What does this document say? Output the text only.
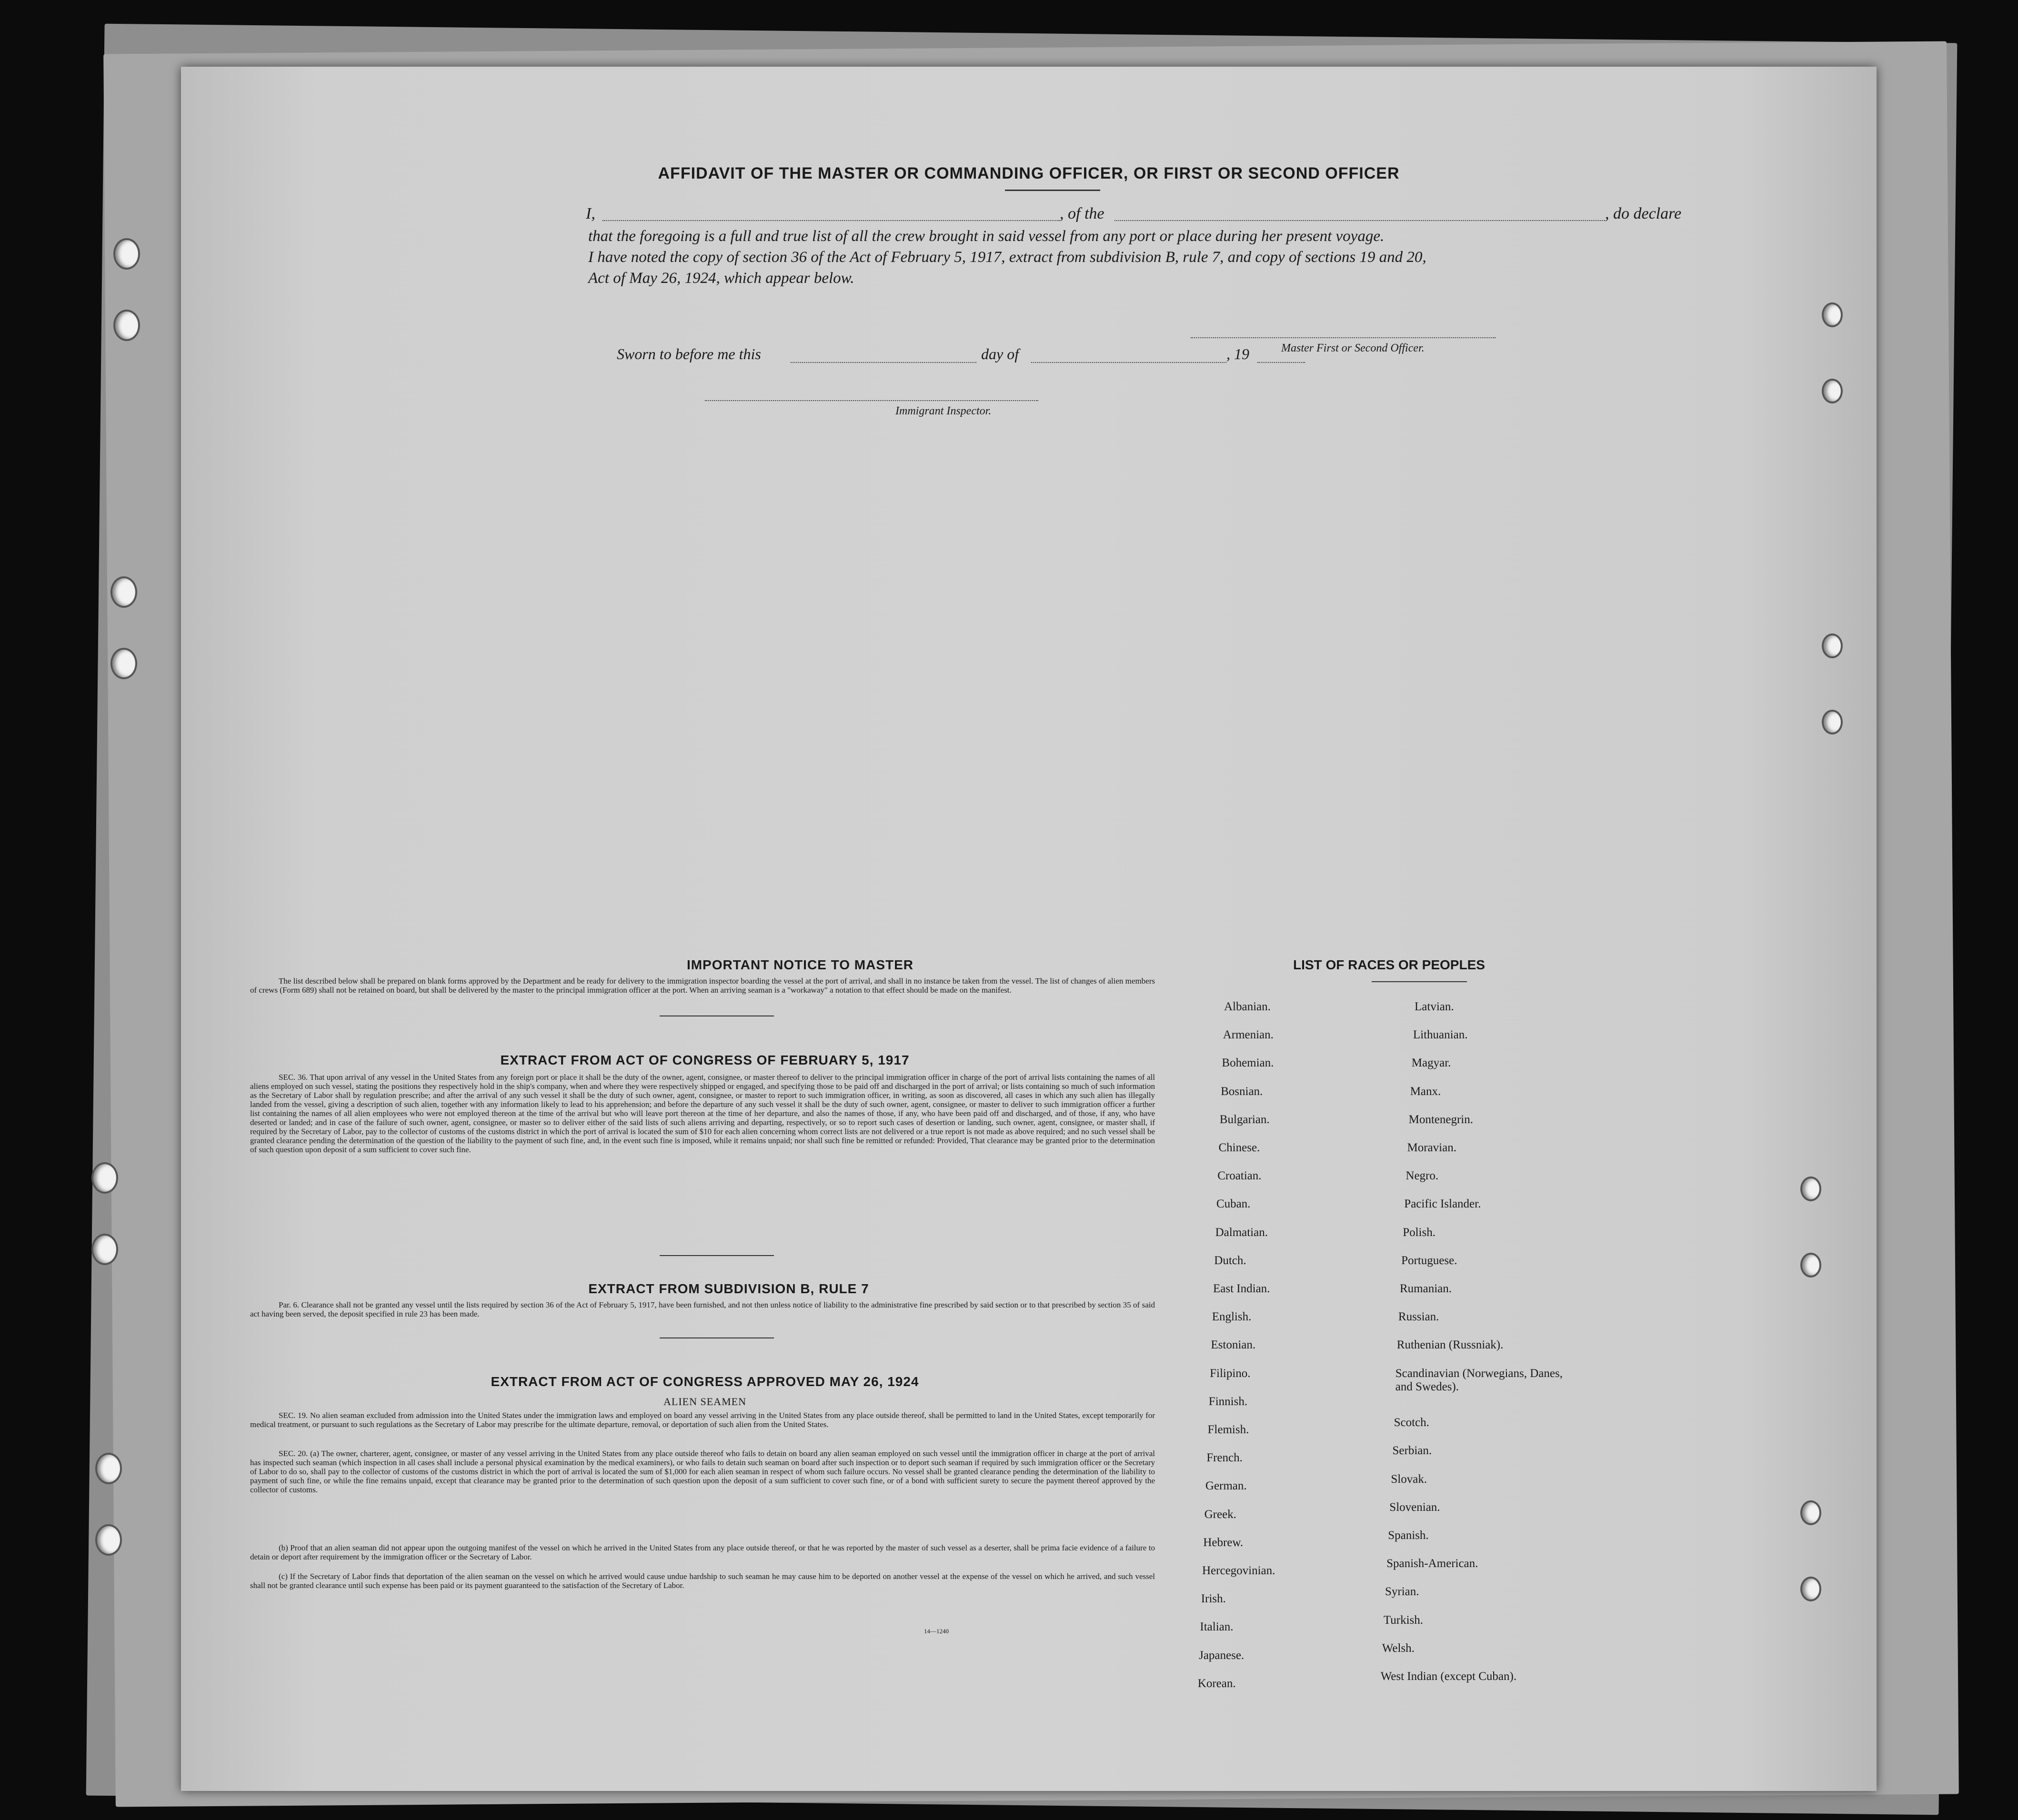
AFFIDAVIT OF THE MASTER OR COMMANDING OFFICER, OR FIRST OR SECOND OFFICER
I,	, of the	, do declare
that the foregoing is a full and true list of all the crew brought in said vessel from any port or place during her present voyage.
I have noted the copy of section 36 of the Act of February 5, 1917, extract from subdivision B, rule 7, and copy of sections 19 and 20,
Act of May 26, 1924, which appear below.
Master First or Second Officer.
Sworn to before me this	day of	, 19
Immigrant Inspector.
IMPORTANT NOTICE TO MASTER
The list described below shall be prepared on blank forms approved by the Department and be ready for delivery to the immigration inspector boarding the vessel at the port of arrival, and shall in no instance be taken from the vessel. The list of changes of alien members of crews (Form 689) shall not be retained on board, but shall be delivered by the master to the principal immigration officer at the port. When an arriving seaman is a "workaway" a notation to that effect should be made on the manifest.
EXTRACT FROM ACT OF CONGRESS OF FEBRUARY 5, 1917
SEC. 36. That upon arrival of any vessel in the United States from any foreign port or place it shall be the duty of the owner, agent, consignee, or master thereof to deliver to the principal immigration officer in charge of the port of arrival lists containing the names of all aliens employed on such vessel, stating the positions they respectively hold in the ship's company, when and where they were respectively shipped or engaged, and specifying those to be paid off and discharged in the port of arrival; or lists containing so much of such information as the Secretary of Labor shall by regulation prescribe; and after the arrival of any such vessel it shall be the duty of such owner, agent, consignee, or master to report to such immigration officer, in writing, as soon as discovered, all cases in which any such alien has illegally landed from the vessel, giving a description of such alien, together with any information likely to lead to his apprehension; and before the departure of any such vessel it shall be the duty of such owner, agent, consignee, or master to deliver to such immigration officer a further list containing the names of all alien employees who were not employed thereon at the time of the arrival but who will leave port thereon at the time of her departure, and also the names of those, if any, who have been paid off and discharged, and of those, if any, who have deserted or landed; and in case of the failure of such owner, agent, consignee, or master so to deliver either of the said lists of such aliens arriving and departing, respectively, or so to report such cases of desertion or landing, such owner, agent, consignee, or master shall, if required by the Secretary of Labor, pay to the collector of customs of the customs district in which the port of arrival is located the sum of $10 for each alien concerning whom correct lists are not delivered or a true report is not made as above required; and no such vessel shall be granted clearance pending the determination of the question of the liability to the payment of such fine, and, in the event such fine is imposed, while it remains unpaid; nor shall such fine be remitted or refunded: Provided, That clearance may be granted prior to the determination of such question upon deposit of a sum sufficient to cover such fine.
EXTRACT FROM SUBDIVISION B, RULE 7
Par. 6. Clearance shall not be granted any vessel until the lists required by section 36 of the Act of February 5, 1917, have been furnished, and not then unless notice of liability to the administrative fine prescribed by said section or to that prescribed by section 35 of said act having been served, the deposit specified in rule 23 has been made.
EXTRACT FROM ACT OF CONGRESS APPROVED MAY 26, 1924
ALIEN SEAMEN
SEC. 19. No alien seaman excluded from admission into the United States under the immigration laws and employed on board any vessel arriving in the United States from any place outside thereof, shall be permitted to land in the United States, except temporarily for medical treatment, or pursuant to such regulations as the Secretary of Labor may prescribe for the ultimate departure, removal, or deportation of such alien from the United States.
SEC. 20. (a) The owner, charterer, agent, consignee, or master of any vessel arriving in the United States from any place outside thereof who fails to detain on board any alien seaman employed on such vessel until the immigration officer in charge at the port of arrival has inspected such seaman (which inspection in all cases shall include a personal physical examination by the medical examiners), or who fails to detain such seaman on board after such inspection or to deport such seaman if required by such immigration officer or the Secretary of Labor to do so, shall pay to the collector of customs of the customs district in which the port of arrival is located the sum of $1,000 for each alien seaman in respect of whom such failure occurs. No vessel shall be granted clearance pending the determination of the liability to payment of such fine, or while the fine remains unpaid, except that clearance may be granted prior to the determination of such question upon the deposit of a sum sufficient to cover such fine, or of a bond with sufficient surety to secure the payment thereof approved by the collector of customs.
(b) Proof that an alien seaman did not appear upon the outgoing manifest of the vessel on which he arrived in the United States from any place outside thereof, or that he was reported by the master of such vessel as a deserter, shall be prima facie evidence of a failure to detain or deport after requirement by the immigration officer or the Secretary of Labor.
(c) If the Secretary of Labor finds that deportation of the alien seaman on the vessel on which he arrived would cause undue hardship to such seaman he may cause him to be deported on another vessel at the expense of the vessel on which he arrived, and such vessel shall not be granted clearance until such expense has been paid or its payment guaranteed to the satisfaction of the Secretary of Labor.
14—1240
LIST OF RACES OR PEOPLES
Albanian.
Armenian.
Bohemian.
Bosnian.
Bulgarian.
Chinese.
Croatian.
Cuban.
Dalmatian.
Dutch.
East Indian.
English.
Estonian.
Filipino.
Finnish.
Flemish.
French.
German.
Greek.
Hebrew.
Hercegovinian.
Irish.
Italian.
Japanese.
Korean.
Latvian.
Lithuanian.
Magyar.
Manx.
Montenegrin.
Moravian.
Negro.
Pacific Islander.
Polish.
Portuguese.
Rumanian.
Russian.
Ruthenian (Russniak).
Scandinavian (Norwegians, Danes, and Swedes).
Scotch.
Serbian.
Slovak.
Slovenian.
Spanish.
Spanish-American.
Syrian.
Turkish.
Welsh.
West Indian (except Cuban).
